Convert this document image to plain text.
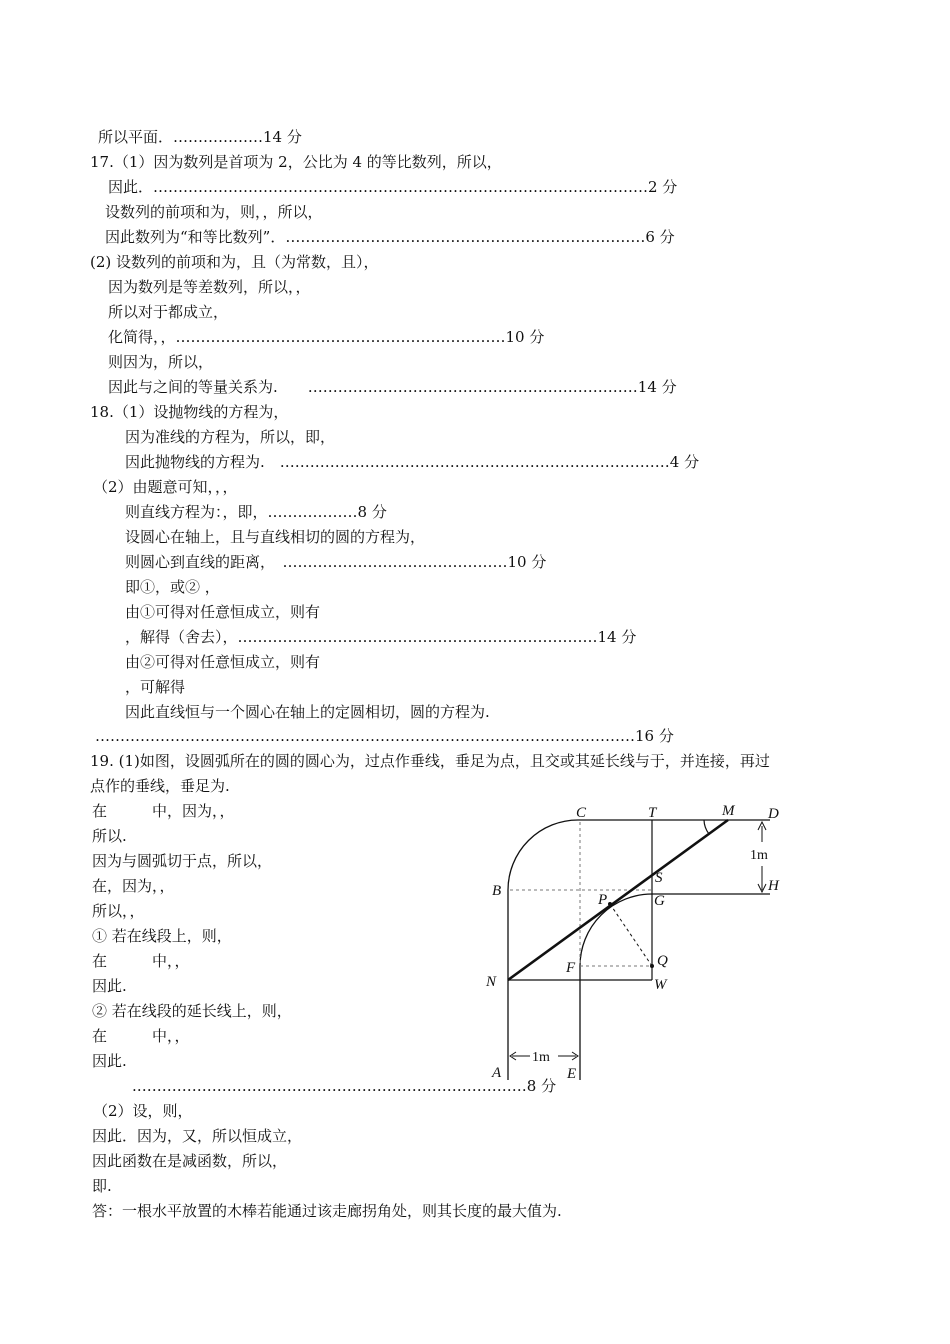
所以平面．………………14 分
17.（1）因为数列是首项为 2，公比为 4 的等比数列，所以，
因此．………………………………………………………………………………………2 分
设数列的前项和为，则，，所以，
因此数列为“和等比数列”．………………………………………………………………6 分
(2) 设数列的前项和为，且（为常数，且），
因为数列是等差数列，所以，，
所以对于都成立，
化简得，，…………………………………………………………10 分
则因为，所以，
因此与之间的等量关系为.　　…………………………………………………………14 分
18.（1）设抛物线的方程为，
因为准线的方程为，所以，即，
因此抛物线的方程为.　……………………………………………………………………4 分
（2）由题意可知，，，
则直线方程为：，即，………………8 分
设圆心在轴上，且与直线相切的圆的方程为，
则圆心到直线的距离，　………………………………………10 分
即①，或② ，
由①可得对任意恒成立，则有
，解得（舍去），………………………………………………………………14 分
由②可得对任意恒成立，则有
，可解得
因此直线恒与一个圆心在轴上的定圆相切，圆的方程为.
………………………………………………………………………………………………16 分
19. (1)如图，设圆弧所在的圆的圆心为，过点作垂线，垂足为点，且交或其延长线与于，并连接，再过
点作的垂线，垂足为.
在　　　中，因为，，
所以.
因为与圆弧切于点，所以，
在，因为，，
所以，，
① 若在线段上，则，
在　　　中，，
因此.
② 若在线段的延长线上，则，
在　　　中，，
因此.
.……………………………………………………………………8 分
（2）设，则，
因此．因为，又，所以恒成立，
因此函数在是减函数，所以，
即.
答：一根水平放置的木棒若能通过该走廊拐角处，则其长度的最大值为.
C	T	M D
1m
S	H
B
P	G
Q
F
N	W
1m
A	E
